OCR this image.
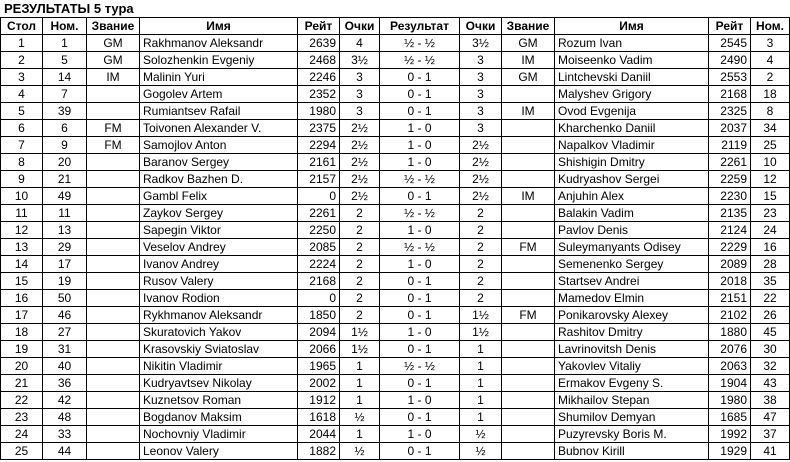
РЕЗУЛЬТАТЫ 5 тура
Стол	Ном.	Звание	Имя	Рейт	Очки	Результат	Очки	Звание	Имя	Рейт	Ном.
1	1	GM	Rakhmanov Aleksandr	2639	4	½ - ½	3½	GM	Rozum Ivan	2545	3
2	5	GM	Solozhenkin Evgeniy	2468	3½	½ - ½	3	IM	Moiseenko Vadim	2490	4
3	14	IM	Malinin Yuri	2246	3	0 - 1	3	GM	Lintchevski Daniil	2553	2
4	7		Gogolev Artem	2352	3	0 - 1	3		Malyshev Grigory	2168	18
5	39		Rumiantsev Rafail	1980	3	0 - 1	3	IM	Ovod Evgenija	2325	8
6	6	FM	Toivonen Alexander V.	2375	2½	1 - 0	3		Kharchenko Daniil	2037	34
7	9	FM	Samojlov Anton	2294	2½	1 - 0	2½		Napalkov Vladimir	2119	25
8	20		Baranov Sergey	2161	2½	1 - 0	2½		Shishigin Dmitry	2261	10
9	21		Radkov Bazhen D.	2157	2½	½ - ½	2½		Kudryashov Sergei	2259	12
10	49		Gambl Felix	0	2½	0 - 1	2½	IM	Anjuhin Alex	2230	15
11	11		Zaykov Sergey	2261	2	½ - ½	2		Balakin Vadim	2135	23
12	13		Sapegin Viktor	2250	2	1 - 0	2		Pavlov Denis	2124	24
13	29		Veselov Andrey	2085	2	½ - ½	2	FM	Suleymanyants Odisey	2229	16
14	17		Ivanov Andrey	2224	2	1 - 0	2		Semenenko Sergey	2089	28
15	19		Rusov Valery	2168	2	0 - 1	2		Startsev Andrei	2018	35
16	50		Ivanov Rodion	0	2	0 - 1	2		Mamedov Elmin	2151	22
17	46		Rykhmanov Aleksandr	1850	2	0 - 1	1½	FM	Ponikarovsky Alexey	2102	26
18	27		Skuratovich Yakov	2094	1½	1 - 0	1½		Rashitov Dmitry	1880	45
19	31		Krasovskiy Sviatoslav	2066	1½	0 - 1	1		Lavrinovitsh Denis	2076	30
20	40		Nikitin Vladimir	1965	1	½ - ½	1		Yakovlev Vitaliy	2063	32
21	36		Kudryavtsev Nikolay	2002	1	0 - 1	1		Ermakov Evgeny S.	1904	43
22	42		Kuznetsov Roman	1912	1	1 - 0	1		Mikhailov Stepan	1980	38
23	48		Bogdanov Maksim	1618	½	0 - 1	1		Shumilov Demyan	1685	47
24	33		Nochovniy Vladimir	2044	1	1 - 0	½		Puzyrevsky Boris M.	1992	37
25	44		Leonov Valery	1882	½	0 - 1	½		Bubnov Kirill	1929	41
